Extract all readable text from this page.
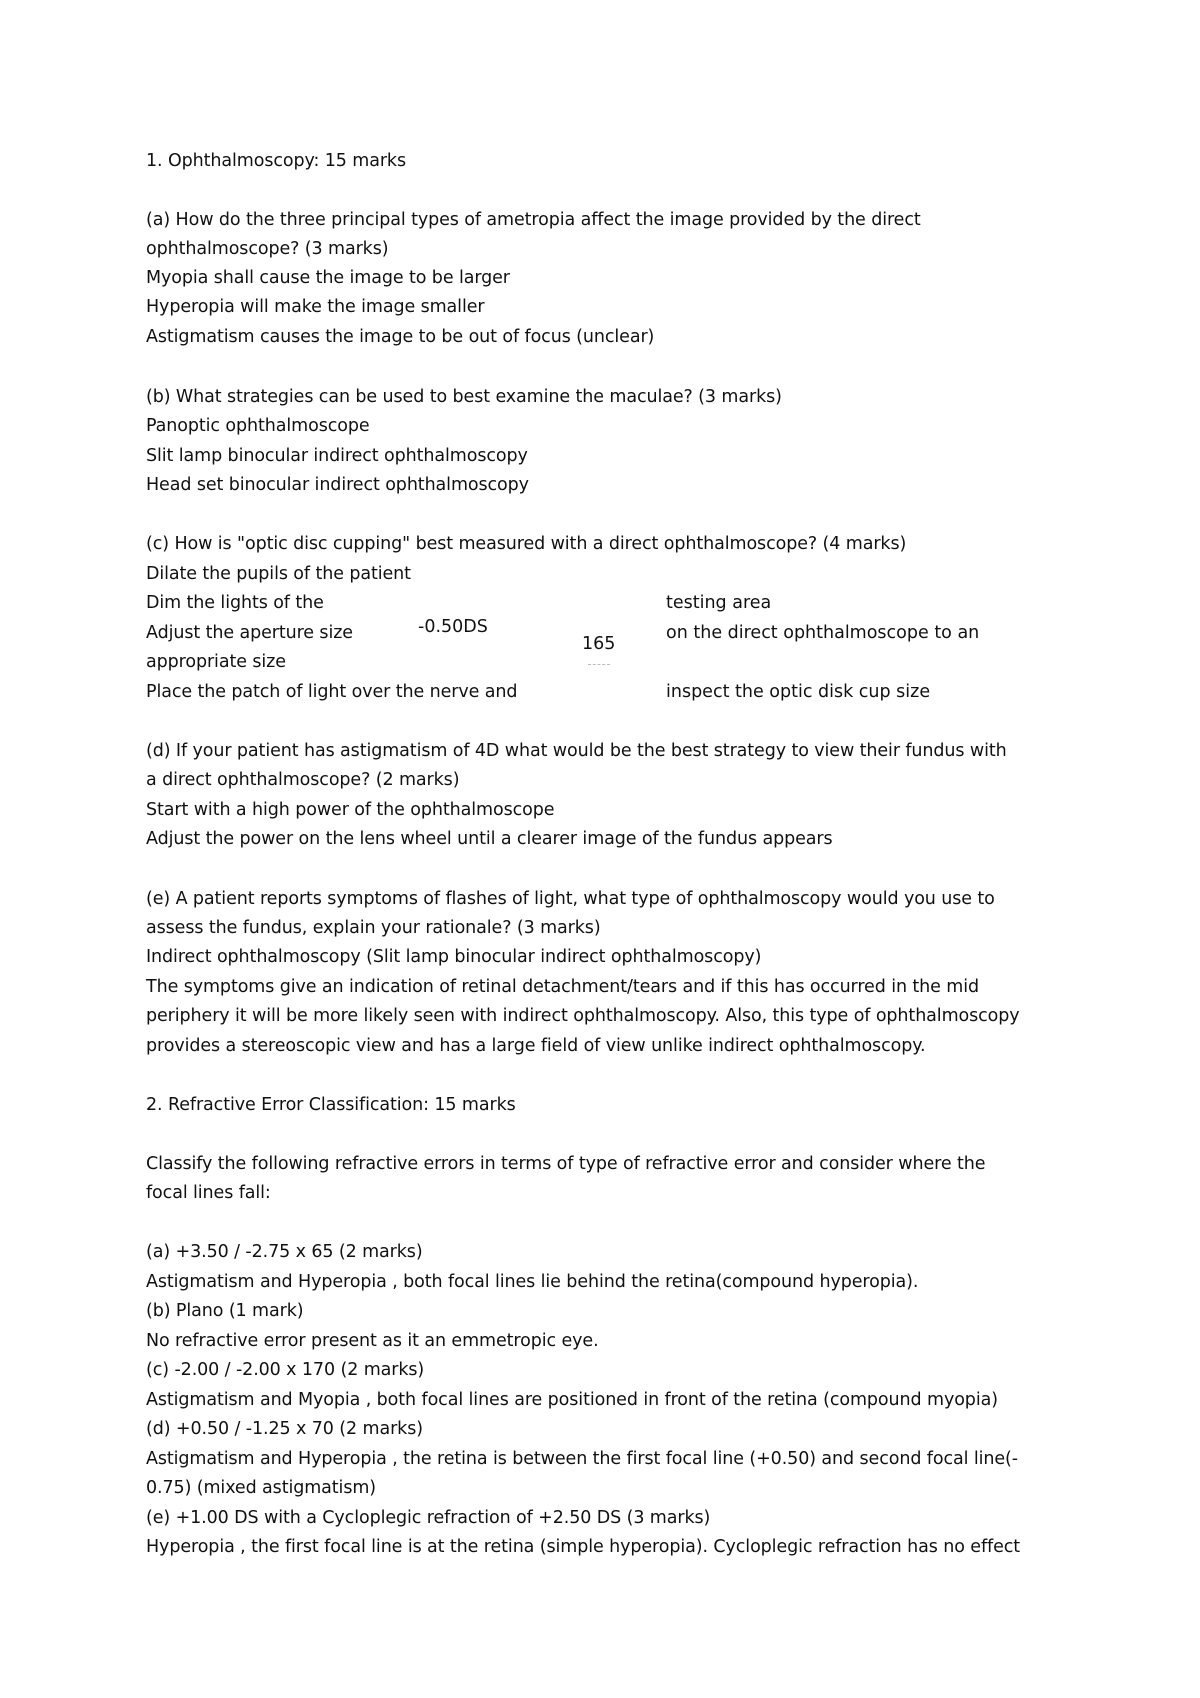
1. Ophthalmoscopy: 15 marks
(a) How do the three principal types of ametropia affect the image provided by the direct
ophthalmoscope? (3 marks)
Myopia shall cause the image to be larger
Hyperopia will make the image smaller
Astigmatism causes the image to be out of focus (unclear)
(b) What strategies can be used to best examine the maculae? (3 marks)
Panoptic ophthalmoscope
Slit lamp binocular indirect ophthalmoscopy
Head set binocular indirect ophthalmoscopy
(c) How is "optic disc cupping" best measured with a direct ophthalmoscope? (4 marks)
Dilate the pupils of the patient
Dim the lights of the	testing area
Adjust the aperture size	-0.50DS
165
on the direct ophthalmoscope to an
appropriate size
Place the patch of light over the nerve and	inspect the optic disk cup size
(d) If your patient has astigmatism of 4D what would be the best strategy to view their fundus with
a direct ophthalmoscope? (2 marks)
Start with a high power of the ophthalmoscope
Adjust the power on the lens wheel until a clearer image of the fundus appears
(e) A patient reports symptoms of flashes of light, what type of ophthalmoscopy would you use to
assess the fundus, explain your rationale? (3 marks)
Indirect ophthalmoscopy (Slit lamp binocular indirect ophthalmoscopy)
The symptoms give an indication of retinal detachment/tears and if this has occurred in the mid
periphery it will be more likely seen with indirect ophthalmoscopy. Also, this type of ophthalmoscopy
provides a stereoscopic view and has a large field of view unlike indirect ophthalmoscopy.
2. Refractive Error Classification: 15 marks
Classify the following refractive errors in terms of type of refractive error and consider where the
focal lines fall:
(a) +3.50 / -2.75 x 65 (2 marks)
Astigmatism and Hyperopia , both focal lines lie behind the retina(compound hyperopia).
(b) Plano (1 mark)
No refractive error present as it an emmetropic eye.
(c) -2.00 / -2.00 x 170 (2 marks)
Astigmatism and Myopia , both focal lines are positioned in front of the retina (compound myopia)
(d) +0.50 / -1.25 x 70 (2 marks)
Astigmatism and Hyperopia , the retina is between the first focal line (+0.50) and second focal line(-
0.75) (mixed astigmatism)
(e) +1.00 DS with a Cycloplegic refraction of +2.50 DS (3 marks)
Hyperopia , the first focal line is at the retina (simple hyperopia). Cycloplegic refraction has no effect
